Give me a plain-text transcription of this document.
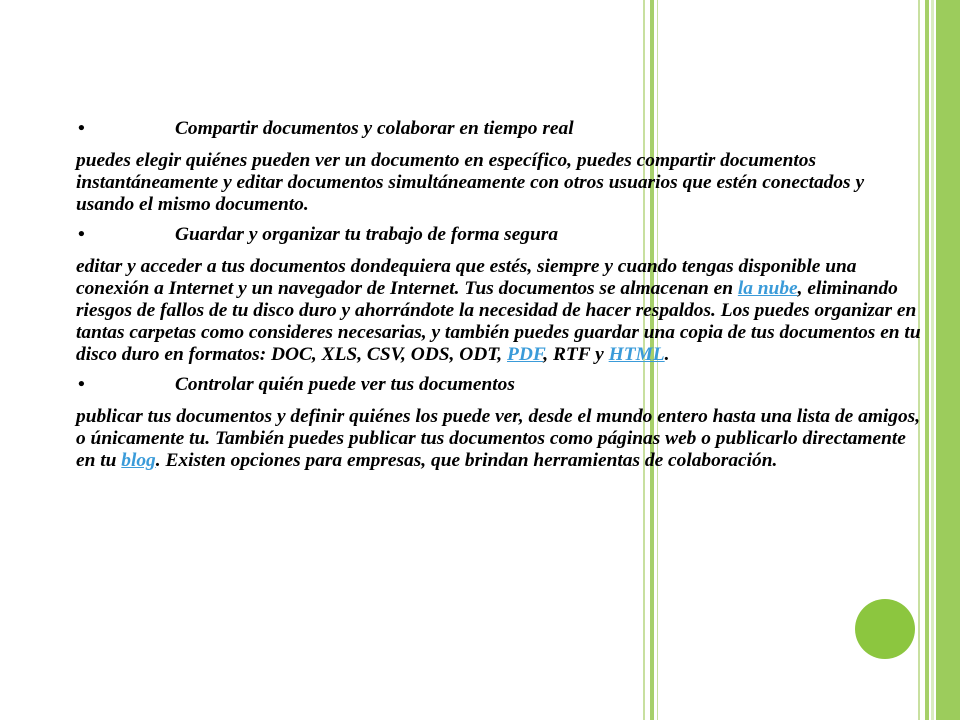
•	Compartir documentos y colaborar en tiempo real

puedes elegir quiénes pueden ver un documento en específico, puedes compartir documentos instantáneamente y editar documentos simultáneamente con otros usuarios que estén conectados y usando el mismo documento.

•	Guardar y organizar tu trabajo de forma segura

editar y acceder a tus documentos dondequiera que estés, siempre y cuando tengas disponible una conexión a Internet y un navegador de Internet. Tus documentos se almacenan en la nube, eliminando riesgos de fallos de tu disco duro y ahorrándote la necesidad de hacer respaldos. Los puedes organizar en tantas carpetas como consideres necesarias, y también puedes guardar una copia de tus documentos en tu disco duro en formatos: DOC, XLS, CSV, ODS, ODT, PDF, RTF y HTML.

•	Controlar quién puede ver tus documentos

publicar tus documentos y definir quiénes los puede ver, desde el mundo entero hasta una lista de amigos, o únicamente tu. También puedes publicar tus documentos como páginas web o publicarlo directamente en tu blog. Existen opciones para empresas, que brindan herramientas de colaboración.
